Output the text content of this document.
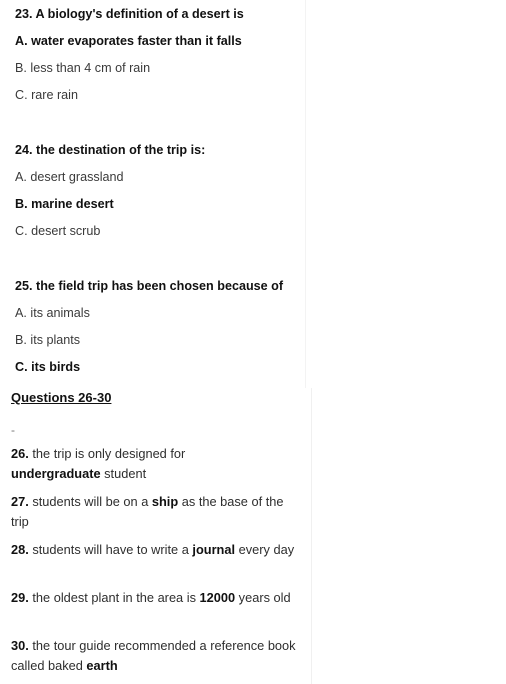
23. A biology's definition of a desert is
A. water evaporates faster than it falls
B. less than 4 cm of rain
C. rare rain
24. the destination of the trip is:
A. desert grassland
B. marine desert
C. desert scrub
25. the field trip has been chosen because of
A. its animals
B. its plants
C. its birds
Questions 26-30
-
26. the trip is only designed for
undergraduate student
27. students will be on a ship as the base of the trip
28. students will have to write a journal every day
29. the oldest plant in the area is 12000 years old
30. the tour guide recommended a reference book called baked earth
